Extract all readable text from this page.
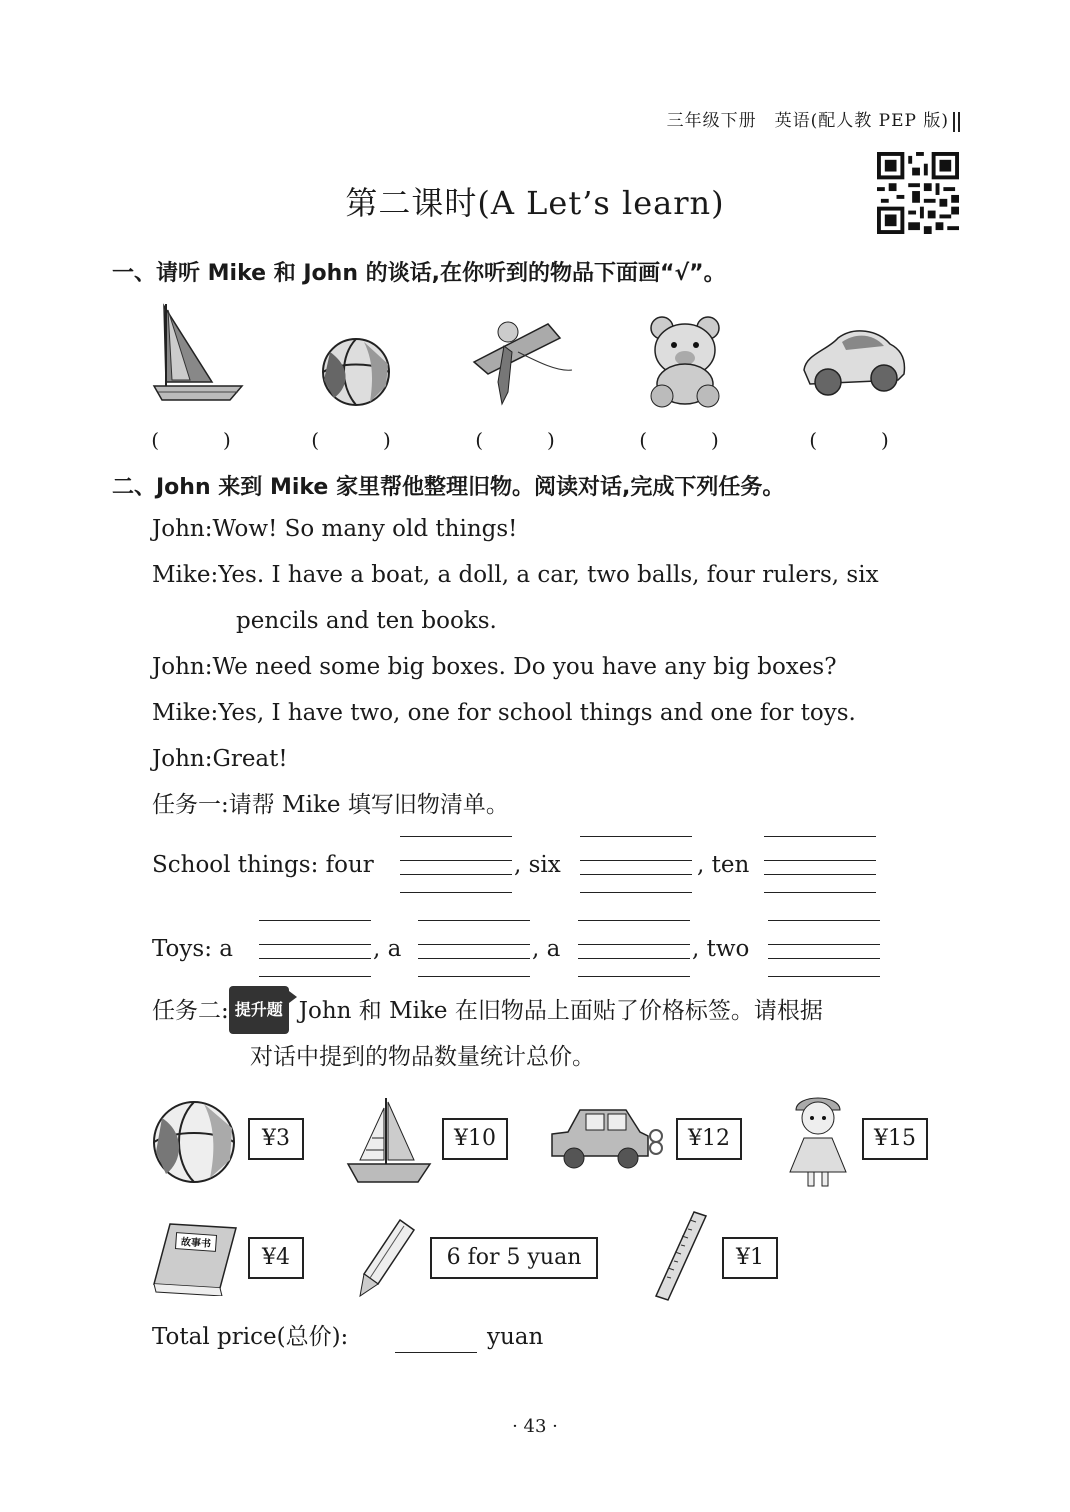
三年级下册　英语(配人教 PEP 版)
第二课时(A Let’s learn)
一、请听 Mike 和 John 的谈话,在你听到的物品下面画“√”。
(　　)	(　　)	(　　)	(　　)	(　　)
二、John 来到 Mike 家里帮他整理旧物。阅读对话,完成下列任务。
John:Wow! So many old things!
Mike:Yes. I have a boat, a doll, a car, two balls, four rulers, six
pencils and ten books.
John:We need some big boxes. Do you have any big boxes?
Mike:Yes, I have two, one for school things and one for toys.
John:Great!
任务一:请帮 Mike 填写旧物清单。
School things: four	, six	, ten
Toys: a	, a	, a	, two
任务二: 提升题 John 和 Mike 在旧物品上面贴了价格标签。请根据
对话中提到的物品数量统计总价。
¥3	¥10	¥12	¥15
故事书
¥4	6 for 5 yuan	¥1
Total price(总价):	yuan
· 43 ·
